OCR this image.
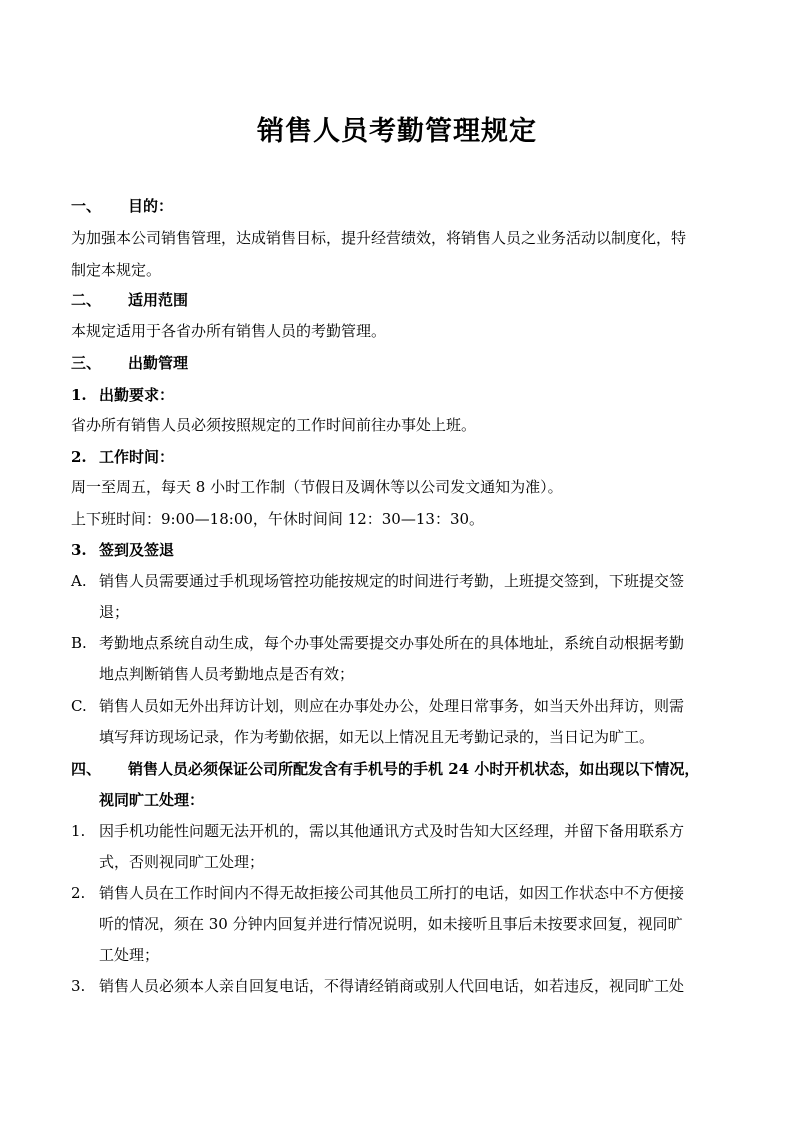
销售人员考勤管理规定
一、 目的：
为加强本公司销售管理，达成销售目标，提升经营绩效，将销售人员之业务活动以制度化，特
制定本规定。
二、 适用范围
本规定适用于各省办所有销售人员的考勤管理。
三、 出勤管理
1. 出勤要求：
省办所有销售人员必须按照规定的工作时间前往办事处上班。
2. 工作时间：
周一至周五，每天 8 小时工作制（节假日及调休等以公司发文通知为准）。
上下班时间：9:00—18:00，午休时间间 12：30—13：30。
3. 签到及签退
A. 销售人员需要通过手机现场管控功能按规定的时间进行考勤，上班提交签到，下班提交签
退；
B. 考勤地点系统自动生成，每个办事处需要提交办事处所在的具体地址，系统自动根据考勤
地点判断销售人员考勤地点是否有效；
C. 销售人员如无外出拜访计划，则应在办事处办公，处理日常事务，如当天外出拜访，则需
填写拜访现场记录，作为考勤依据，如无以上情况且无考勤记录的，当日记为旷工。
四、 销售人员必须保证公司所配发含有手机号的手机 24 小时开机状态，如出现以下情况，
视同旷工处理：
1. 因手机功能性问题无法开机的，需以其他通讯方式及时告知大区经理，并留下备用联系方
式，否则视同旷工处理；
2. 销售人员在工作时间内不得无故拒接公司其他员工所打的电话，如因工作状态中不方便接
听的情况，须在 30 分钟内回复并进行情况说明，如未接听且事后未按要求回复，视同旷
工处理；
3. 销售人员必须本人亲自回复电话，不得请经销商或别人代回电话，如若违反，视同旷工处
